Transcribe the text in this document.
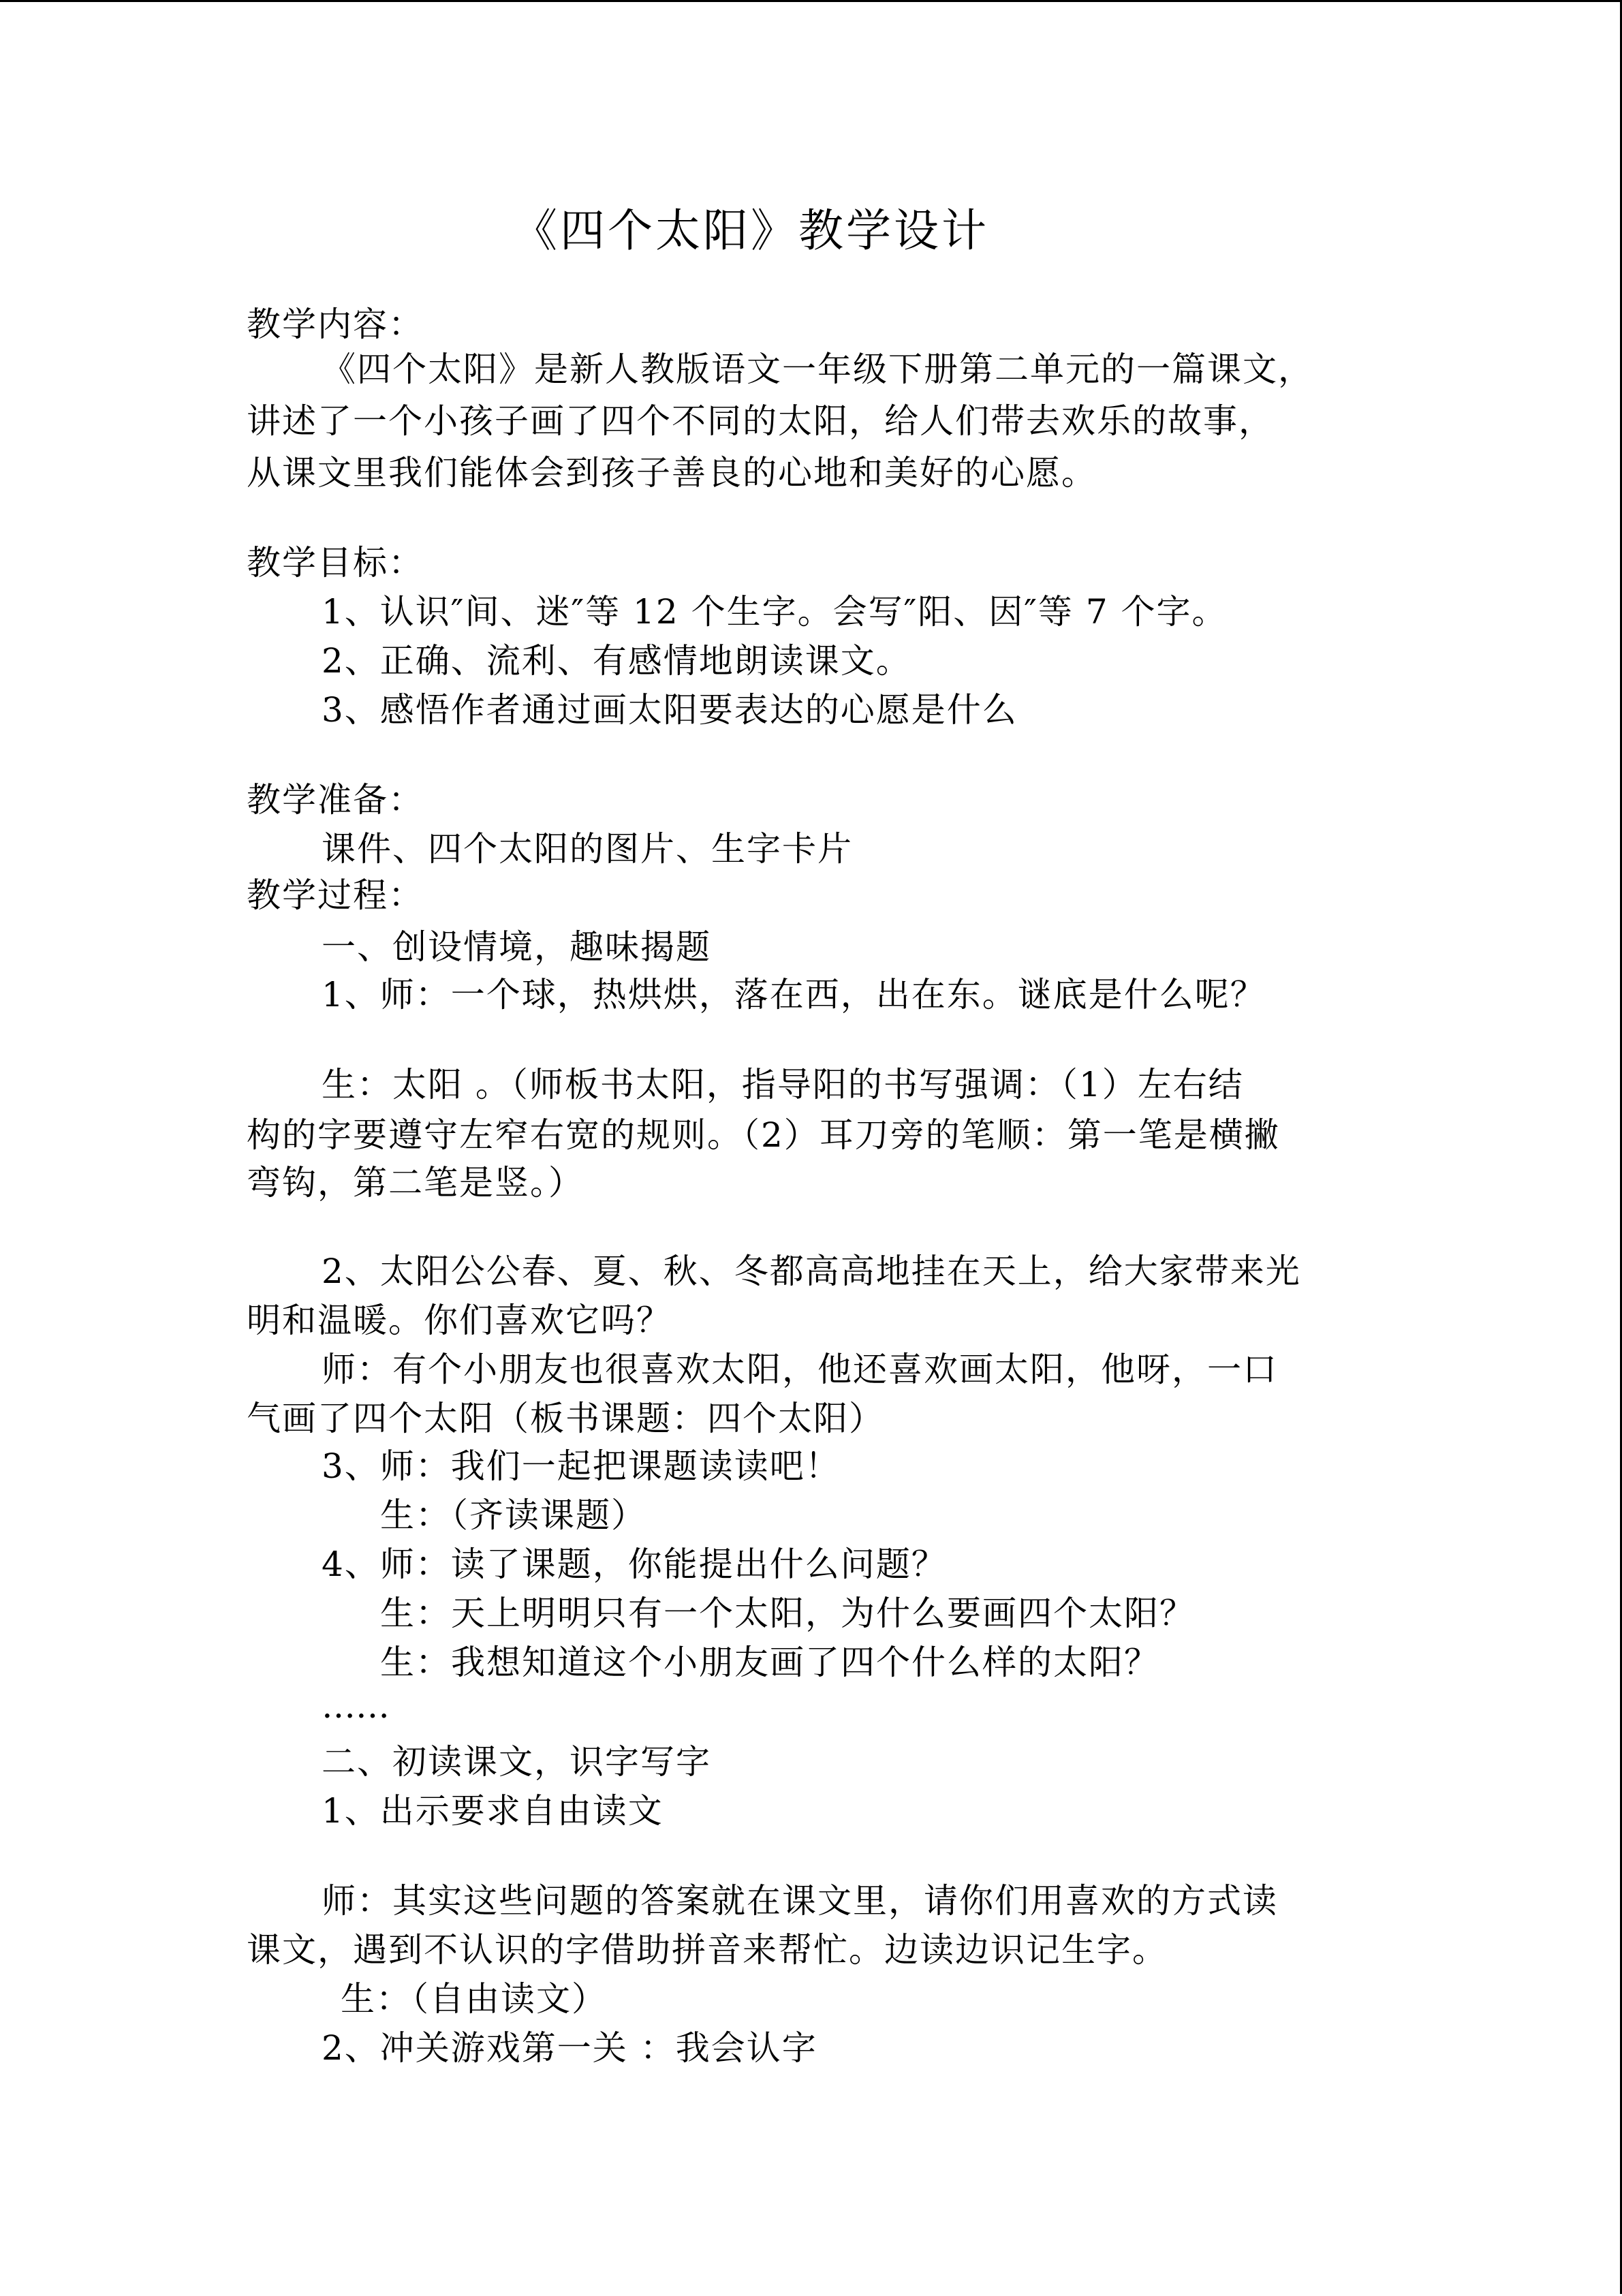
《四个太阳》教学设计
教学内容：
《四个太阳》是新人教版语文一年级下册第二单元的一篇课文，
讲述了一个小孩子画了四个不同的太阳，给人们带去欢乐的故事，
从课文里我们能体会到孩子善良的心地和美好的心愿。
教学目标：
1、认识″间、迷″等 12 个生字。会写″阳、因″等 7 个字。
2、正确、流利、有感情地朗读课文。
3、感悟作者通过画太阳要表达的心愿是什么
教学准备：
课件、四个太阳的图片、生字卡片
教学过程：
一、创设情境，趣味揭题
1、师：一个球，热烘烘，落在西，出在东。谜底是什么呢？
生：太阳 。（师板书太阳，指导阳的书写强调：（1）左右结
构的字要遵守左窄右宽的规则。（2）耳刀旁的笔顺：第一笔是横撇
弯钩，第二笔是竖。）
2、太阳公公春、夏、秋、冬都高高地挂在天上，给大家带来光
明和温暖。你们喜欢它吗？
师：有个小朋友也很喜欢太阳，他还喜欢画太阳，他呀，一口
气画了四个太阳（板书课题：四个太阳）
3、师：我们一起把课题读读吧！
生：（齐读课题）
4、师：读了课题，你能提出什么问题？
生：天上明明只有一个太阳，为什么要画四个太阳？
生：我想知道这个小朋友画了四个什么样的太阳？
……
二、初读课文，识字写字
1、出示要求自由读文
师：其实这些问题的答案就在课文里，请你们用喜欢的方式读
课文，遇到不认识的字借助拼音来帮忙。边读边识记生字。
生：（自由读文）
2、冲关游戏第一关 ：我会认字
